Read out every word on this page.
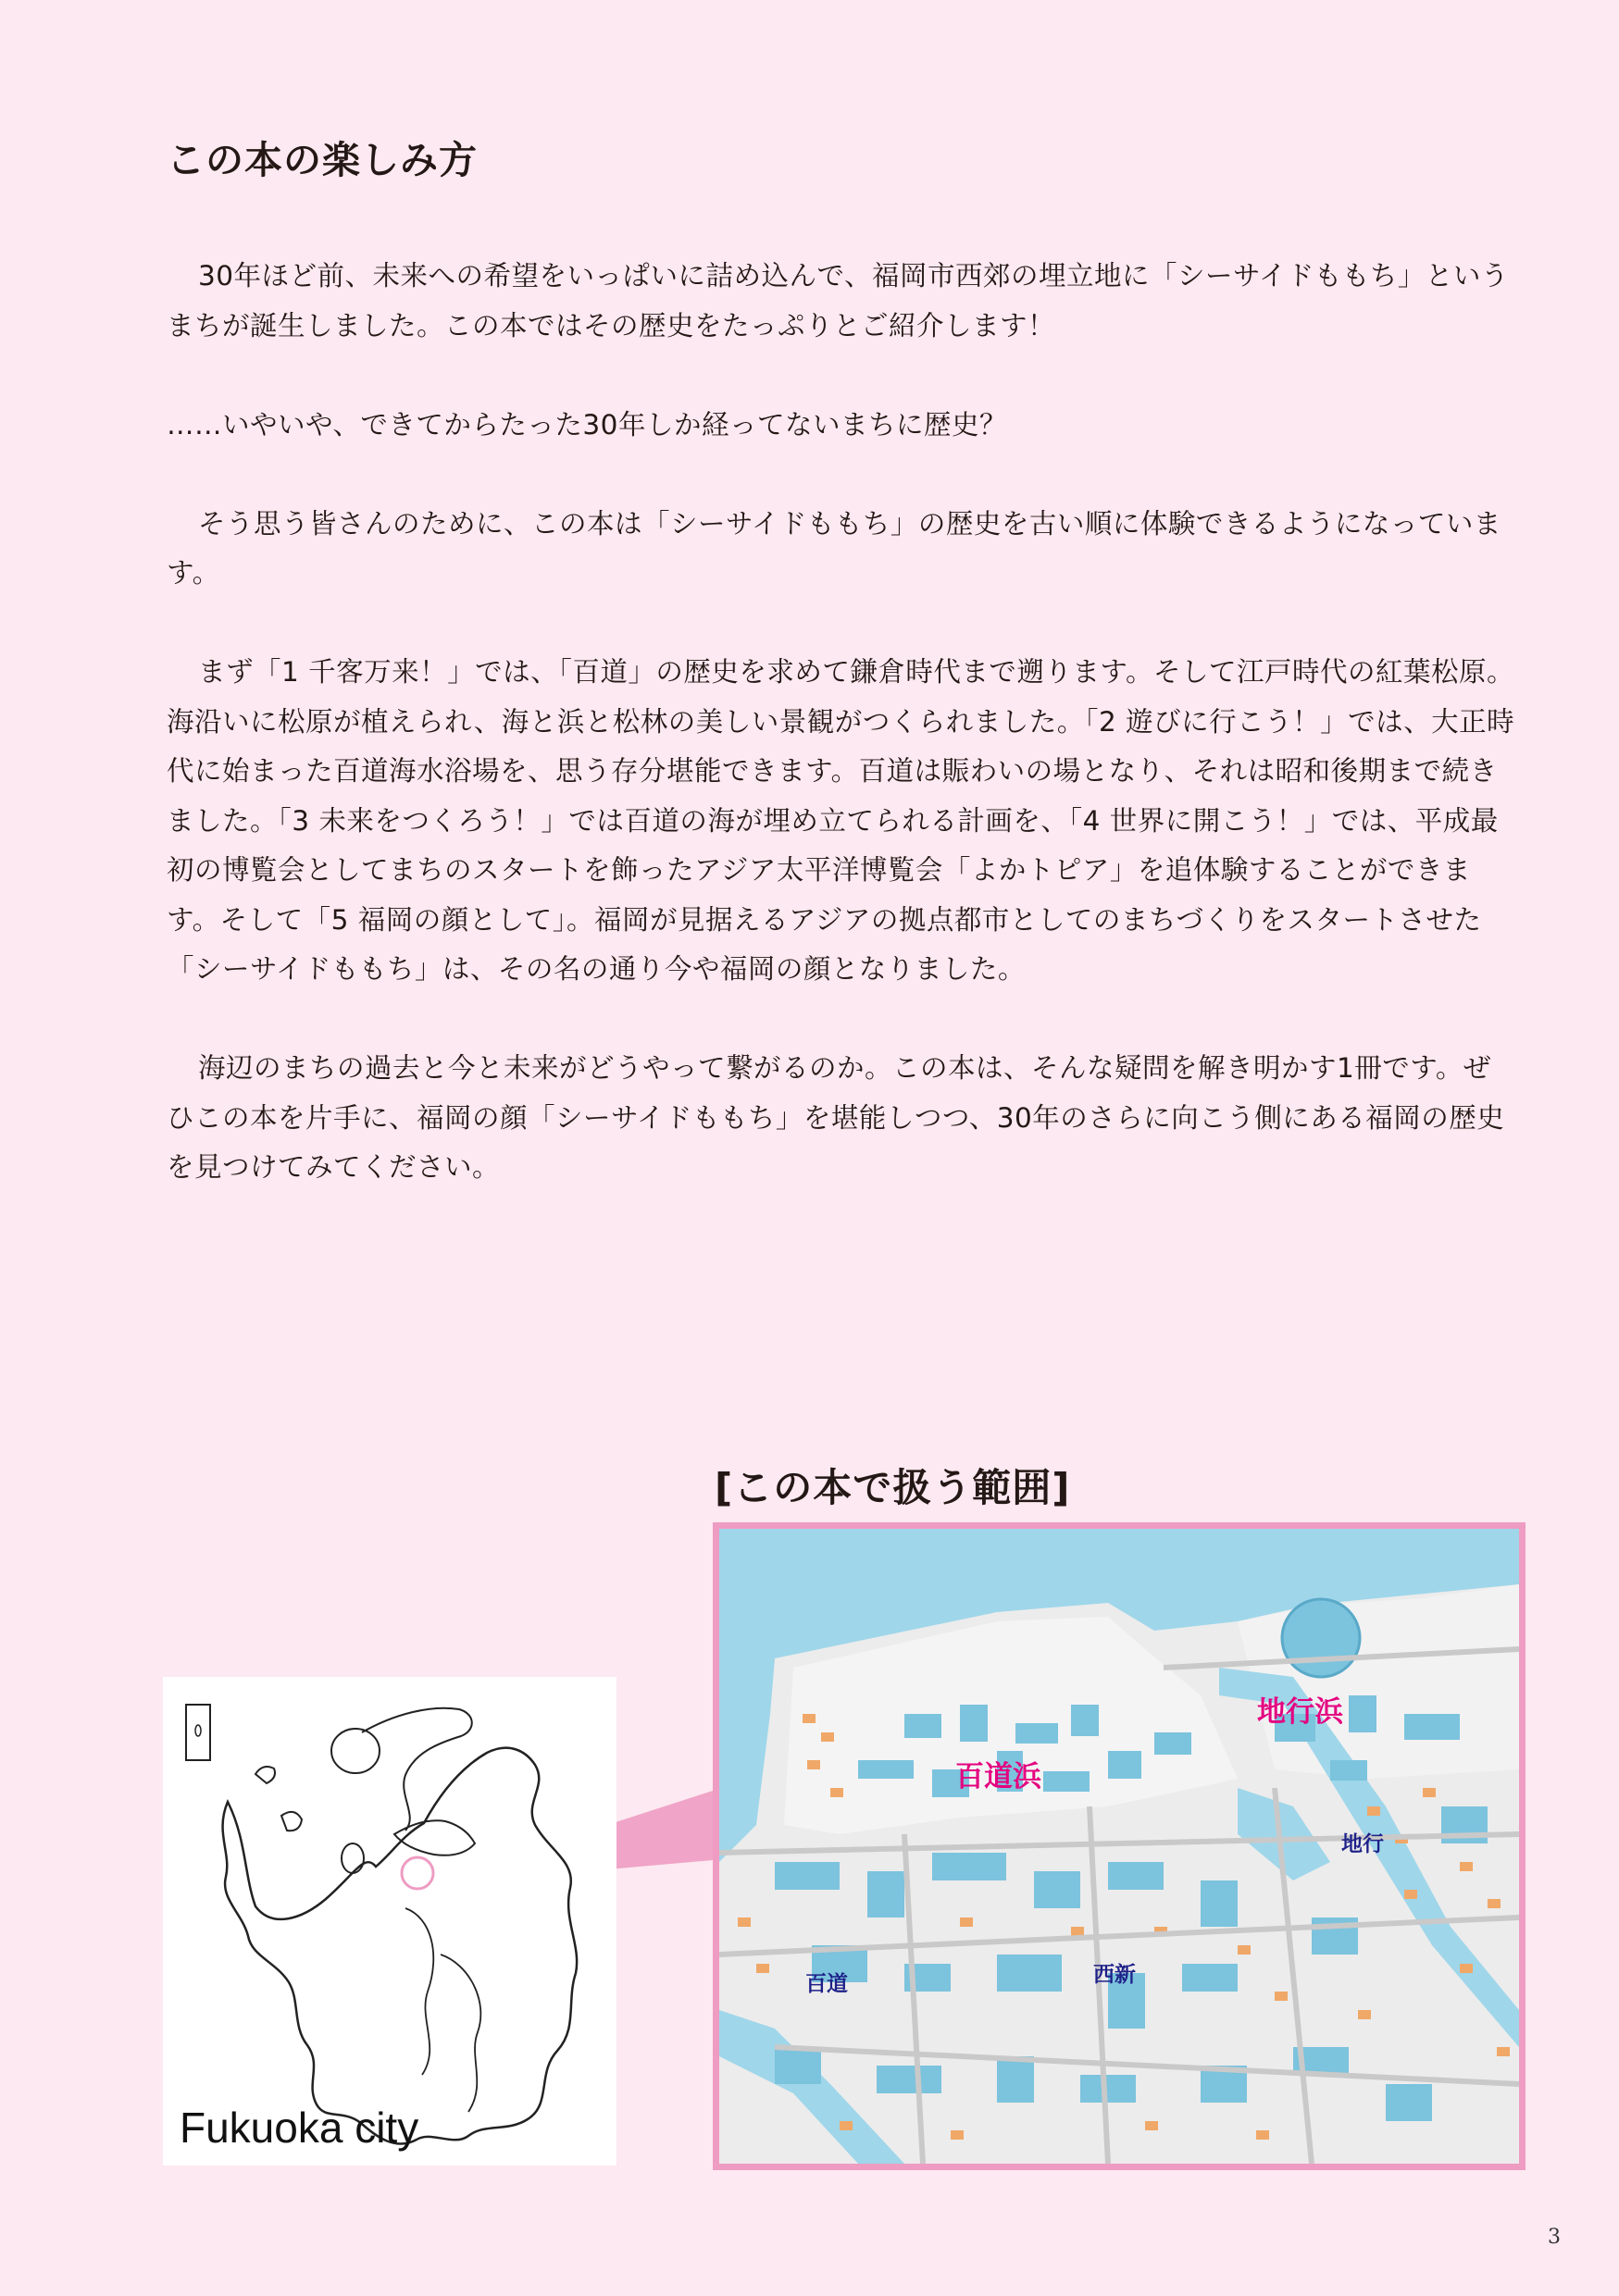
この本の楽しみ方

30年ほど前、未来への希望をいっぱいに詰め込んで、福岡市西郊の埋立地に「シーサイドももち」というまちが誕生しました。この本ではその歴史をたっぷりとご紹介します！

……いやいや、できてからたった30年しか経ってないまちに歴史？

そう思う皆さんのために、この本は「シーサイドももち」の歴史を古い順に体験できるようになっています。

まず「1 千客万来！」では、「百道」の歴史を求めて鎌倉時代まで遡ります。そして江戸時代の紅葉松原。海沿いに松原が植えられ、海と浜と松林の美しい景観がつくられました。「2 遊びに行こう！」では、大正時代に始まった百道海水浴場を、思う存分堪能できます。百道は賑わいの場となり、それは昭和後期まで続きました。「3 未来をつくろう！」では百道の海が埋め立てられる計画を、「4 世界に開こう！」では、平成最初の博覧会としてまちのスタートを飾ったアジア太平洋博覧会「よかトピア」を追体験することができます。そして「5 福岡の顔として」。福岡が見据えるアジアの拠点都市としてのまちづくりをスタートさせた「シーサイドももち」は、その名の通り今や福岡の顔となりました。

海辺のまちの過去と今と未来がどうやって繋がるのか。この本は、そんな疑問を解き明かす1冊です。ぜひこの本を片手に、福岡の顔「シーサイドももち」を堪能しつつ、30年のさらに向こう側にある福岡の歴史を見つけてみてください。

[この本で扱う範囲]
Fukuoka city
百道浜
地行浜
地行
百道	西新
3
